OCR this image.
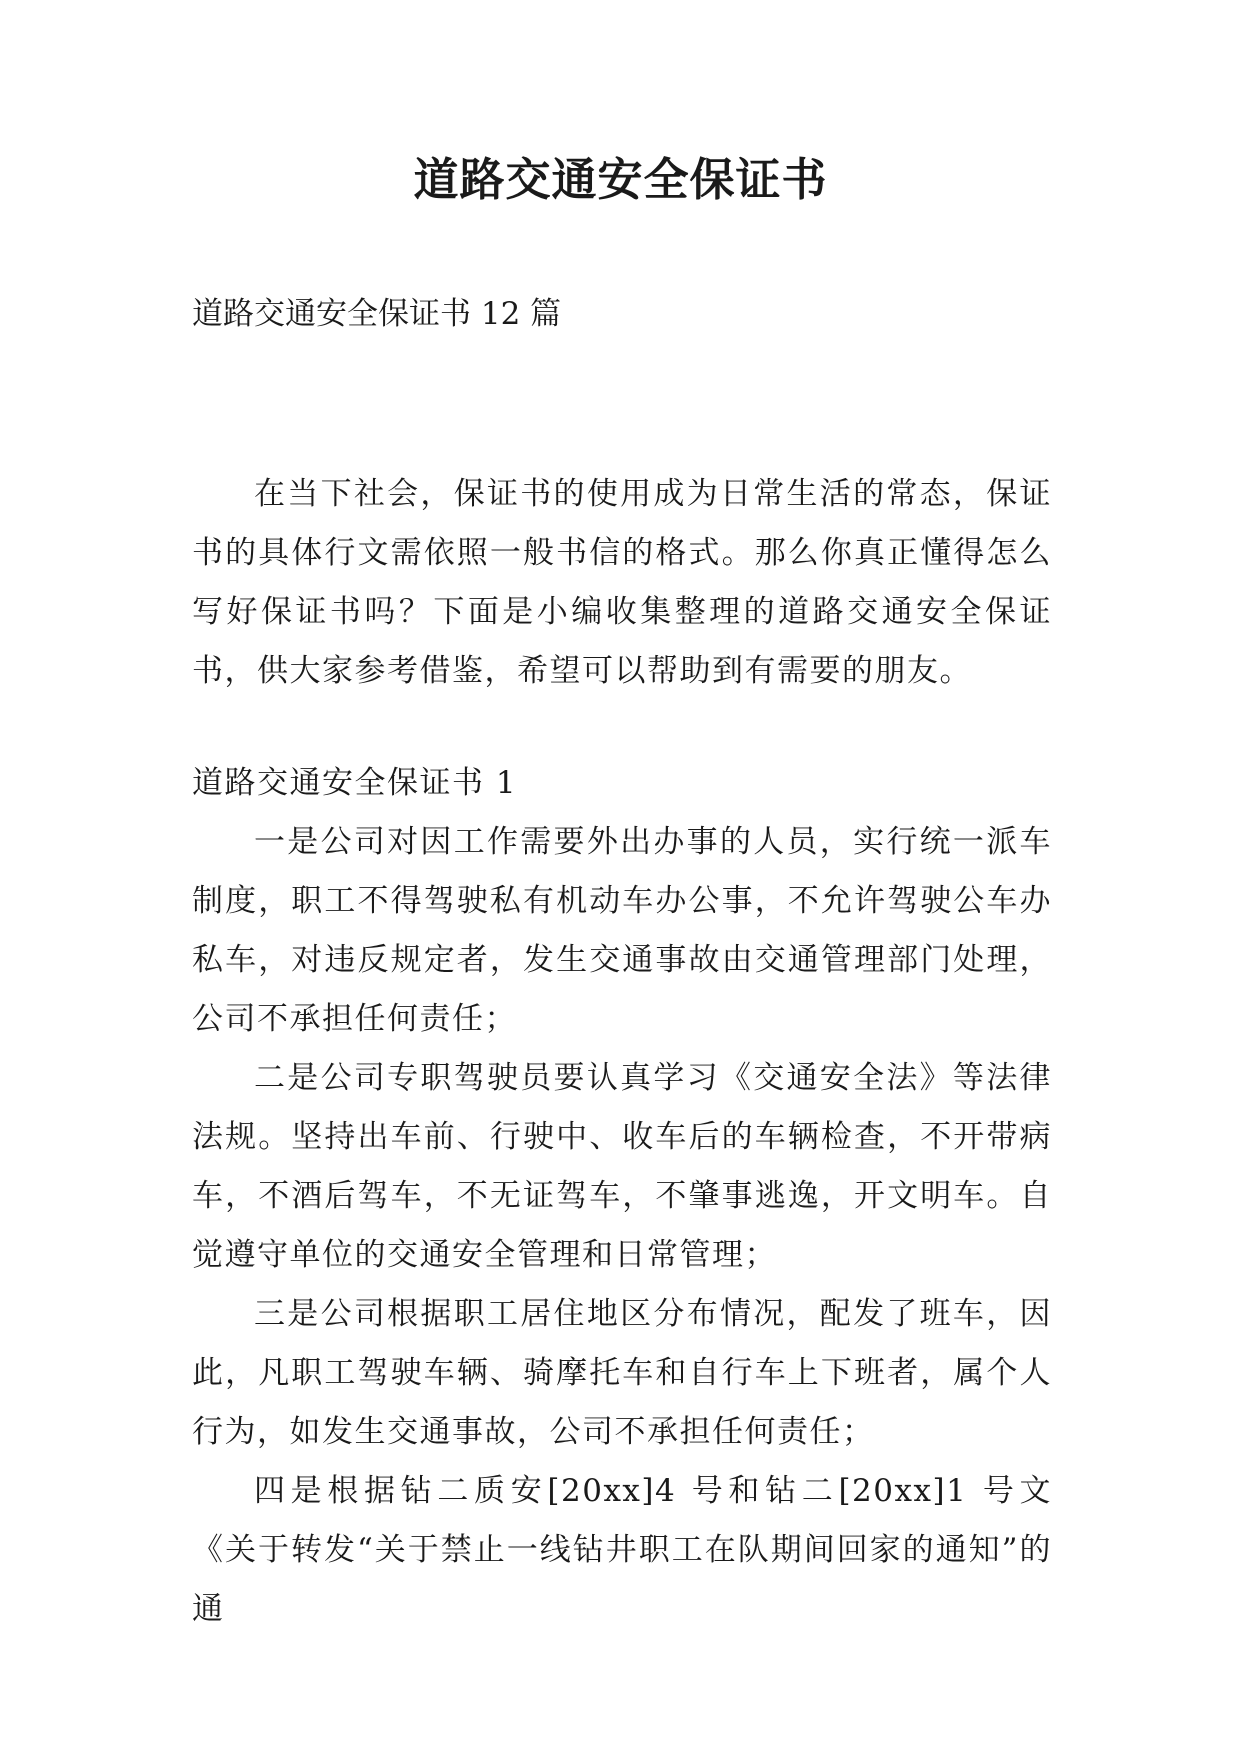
道路交通安全保证书
道路交通安全保证书 12 篇

在当下社会，保证书的使用成为日常生活的常态，保证书的具体行文需依照一般书信的格式。那么你真正懂得怎么写好保证书吗？下面是小编收集整理的道路交通安全保证书，供大家参考借鉴，希望可以帮助到有需要的朋友。

道路交通安全保证书 1

一是公司对因工作需要外出办事的人员，实行统一派车制度，职工不得驾驶私有机动车办公事，不允许驾驶公车办私车，对违反规定者，发生交通事故由交通管理部门处理，公司不承担任何责任；

二是公司专职驾驶员要认真学习《交通安全法》等法律法规。坚持出车前、行驶中、收车后的车辆检查，不开带病车，不酒后驾车，不无证驾车，不肇事逃逸，开文明车。自觉遵守单位的交通安全管理和日常管理；

三是公司根据职工居住地区分布情况，配发了班车，因此，凡职工驾驶车辆、骑摩托车和自行车上下班者，属个人行为，如发生交通事故，公司不承担任何责任；

四是根据钻二质安[20xx]4 号和钻二[20xx]1 号文《关于转发“关于禁止一线钻井职工在队期间回家的通知”的通
